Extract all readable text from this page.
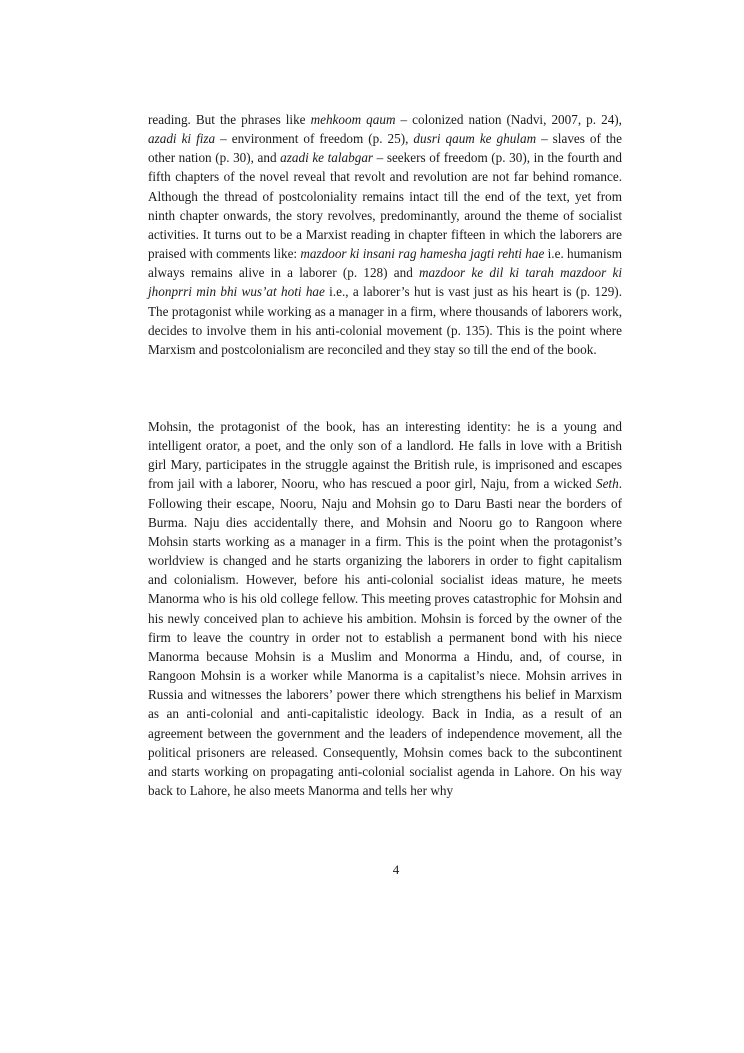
reading. But the phrases like mehkoom qaum – colonized nation (Nadvi, 2007, p. 24), azadi ki fiza – environment of freedom (p. 25), dusri qaum ke ghulam – slaves of the other nation (p. 30), and azadi ke talabgar – seekers of freedom (p. 30), in the fourth and fifth chapters of the novel reveal that revolt and revolution are not far behind romance. Although the thread of postcoloniality remains intact till the end of the text, yet from ninth chapter onwards, the story revolves, predominantly, around the theme of socialist activities. It turns out to be a Marxist reading in chapter fifteen in which the laborers are praised with comments like: mazdoor ki insani rag hamesha jagti rehti hae i.e. humanism always remains alive in a laborer (p. 128) and mazdoor ke dil ki tarah mazdoor ki jhonprri min bhi wus’at hoti hae i.e., a laborer’s hut is vast just as his heart is (p. 129). The protagonist while working as a manager in a firm, where thousands of laborers work, decides to involve them in his anti-colonial movement (p. 135). This is the point where Marxism and postcolonialism are reconciled and they stay so till the end of the book.

Mohsin, the protagonist of the book, has an interesting identity: he is a young and intelligent orator, a poet, and the only son of a landlord. He falls in love with a British girl Mary, participates in the struggle against the British rule, is imprisoned and escapes from jail with a laborer, Nooru, who has rescued a poor girl, Naju, from a wicked Seth. Following their escape, Nooru, Naju and Mohsin go to Daru Basti near the borders of Burma. Naju dies accidentally there, and Mohsin and Nooru go to Rangoon where Mohsin starts working as a manager in a firm. This is the point when the protagonist’s worldview is changed and he starts organizing the laborers in order to fight capitalism and colonialism. However, before his anti-colonial socialist ideas mature, he meets Manorma who is his old college fellow. This meeting proves catastrophic for Mohsin and his newly conceived plan to achieve his ambition. Mohsin is forced by the owner of the firm to leave the country in order not to establish a permanent bond with his niece Manorma because Mohsin is a Muslim and Monorma a Hindu, and, of course, in Rangoon Mohsin is a worker while Manorma is a capitalist’s niece. Mohsin arrives in Russia and witnesses the laborers’ power there which strengthens his belief in Marxism as an anti-colonial and anti-capitalistic ideology. Back in India, as a result of an agreement between the government and the leaders of independence movement, all the political prisoners are released. Consequently, Mohsin comes back to the subcontinent and starts working on propagating anti-colonial socialist agenda in Lahore. On his way back to Lahore, he also meets Manorma and tells her why

4
